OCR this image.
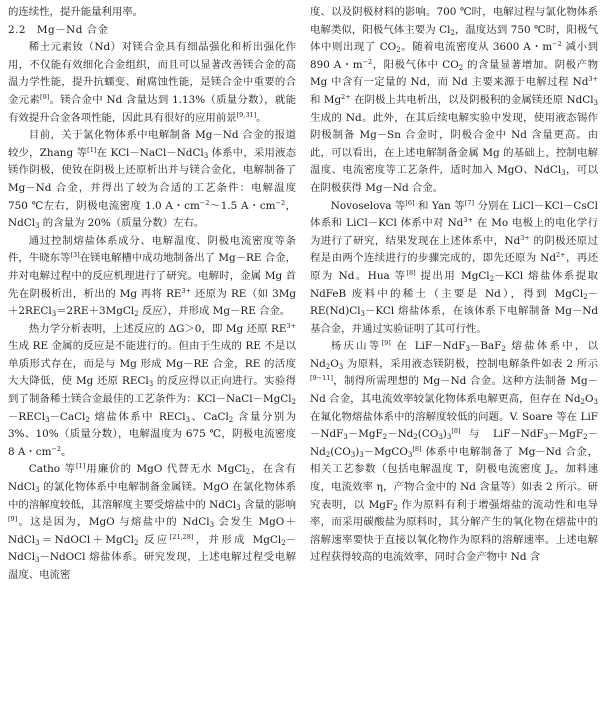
的连续性，提升能量利用率。

2.2　Mg－Nd 合金

稀土元素钕（Nd）对镁合金具有细晶强化和析出强化作用，不仅能有效细化合金组织，而且可以显著改善镁合金的高温力学性能，提升抗蠕变、耐腐蚀性能，是镁合金中重要的合金元素[9]。镁合金中 Nd 含量达到 1.13%（质量分数），就能有效提升合金各项性能，因此具有很好的应用前景[9,31]。

目前，关于氯化物体系中电解制备 Mg－Nd 合金的报道较少，Zhang 等[1]在 KCl－NaCl－NdCl$_3$ 体系中，采用液态镁作阴极，使钕在阴极上还原析出并与镁合金化，电解制备了 Mg－Nd 合金，并得出了较为合适的工艺条件：电解温度 750 ℃左右，阴极电流密度 1.0 A・$cm^{-2}\sim 1.5$ A・$cm^{-2}$，NdCl$_3$ 的含量为 20%（质量分数）左右。

通过控制熔盐体系成分、电解温度、阴极电流密度等条件，牛晓东等[3]在镁电解槽中成功地制备出了 Mg－RE 合金，并对电解过程中的反应机理进行了研究。电解时，金属 Mg 首先在阴极析出，析出的 Mg 再将 $RE^{3+}$ 还原为 RE（如 3Mg＋2RECl$_3$＝2RE＋3MgCl$_2$ 反应），并形成 Mg－RE 合金。

热力学分析表明，上述反应的 ΔG＞0，即 Mg 还原 $RE^{3+}$ 生成 RE 金属的反应是不能进行的。但由于生成的 RE 不是以单质形式存在，而是与 Mg 形成 Mg－RE 合金，RE 的活度大大降低，使 Mg 还原 RECl$_3$ 的反应得以正向进行。实验得到了制备稀土镁合金最佳的工艺条件为：KCl－NaCl－MgCl$_2$－RECl$_3$－CaCl$_2$ 熔盐体系中 RECl$_3$、CaCl$_2$ 含量分别为 3%、10%（质量分数），电解温度为 675 ℃，阴极电流密度 8 A・$cm^{-2}$。

Catho 等[1]用廉价的 MgO 代替无水 MgCl$_2$，在含有 NdCl$_3$ 的氯化物体系中电解制备金属镁。MgO 在氯化物体系中的溶解度较低，其溶解度主要受熔盐中的 NdCl$_3$ 含量的影响[9]。这是因为，MgO 与熔盐中的 NdCl$_3$ 会发生 MgO＋NdCl$_3$＝NdOCl＋MgCl$_2$ 反应[21,28]，并形成 MgCl$_2$－NdCl$_3$－NdOCl 熔盐体系。研究发现，上述电解过程受电解温度、电流密

度、以及阴极材料的影响。700 ℃时，电解过程与氯化物体系电解类似，阳极气体主要为 $Cl_2$，温度达到 750 ℃时，阳极气体中则出现了 $CO_2$。随着电流密度从 3600 A・$m^{-2}$ 减小到 890 A・$m^{-2}$，阳极气体中 $CO_2$ 的含量显著增加。阴极产物 Mg 中含有一定量的 Nd，而 Nd 主要来源于电解过程 $Nd^{3+}$ 和 $Mg^{2+}$ 在阴极上共电析出，以及阴极积的金属镁还原 NdCl$_3$ 生成的 Nd。此外，在其后续电解实验中发现，使用液态锡作阴极制备 Mg－Sn 合金时，阴极合金中 Nd 含量更高。由此，可以看出，在上述电解制备金属 Mg 的基础上，控制电解温度、电流密度等工艺条件，适时加入 MgO、NdCl$_3$，可以在阴极获得 Mg－Nd 合金。

Novoselova 等[6] 和 Yan 等[7] 分别在 LiCl－KCl－CsCl 体系和 LiCl－KCl 体系中对 $Nd^{3+}$ 在 Mo 电极上的电化学行为进行了研究，结果发现在上述体系中，$Nd^{3+}$ 的阴极还原过程是由两个连续进行的步骤完成的，即先还原为 $Nd^{2+}$，再还原为 Nd。Hua 等[8] 提出用 MgCl$_2$－KCl 熔盐体系提取 NdFeB 废料中的稀土（主要是 Nd），得到 $MgCl_2-RE(Nd)Cl_3-KCl$ 熔盐体系，在该体系下电解制备 Mg－Nd 基合金，并通过实验证明了其可行性。

杨庆山等[9] 在 LiF－NdF$_3$－BaF$_2$ 熔盐体系中，以 $Nd_2O_3$ 为原料，采用液态镁阴极，控制电解条件如表 2 所示[9−11]，制得所需理想的 Mg－Nd 合金。这种方法制备 Mg－Nd 合金，其电流效率较氯化物体系电解更高，但存在 $Nd_2O_3$ 在氟化物熔盐体系中的溶解度较低的问题。V. Soare 等在 $LiF-NdF_3-MgF_2-Nd_2(CO_3)_3[8]$ 与 $LiF-NdF_3-MgF_2-Nd_2(CO_3)_3-MgCO_3[8]$ 体系中电解制备了 Mg－Nd 合金，相关工艺参数（包括电解温度 T，阴极电流密度 $J_c$，加料速度，电流效率 η，产物合金中的 Nd 含量等）如表 2 所示。研究表明，以 MgF$_2$ 作为原料有利于增强熔盐的流动性和电导率，而采用碳酸盐为原料时，其分解产生的氧化物在熔盐中的溶解速率要快于直接以氧化物作为原料的溶解速率。上述电解过程获得较高的电流效率，同时合金产物中 Nd 含
